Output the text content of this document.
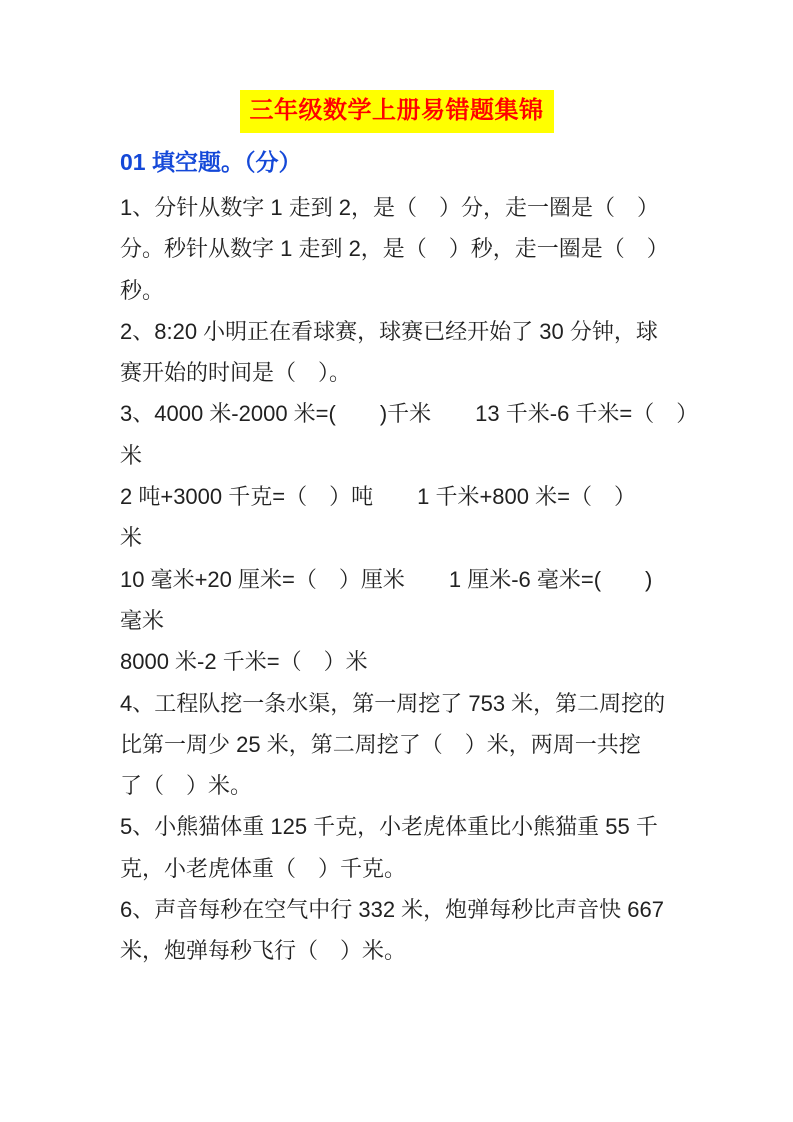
三年级数学上册易错题集锦
01 填空题。（分）
1、分针从数字 1 走到 2，是（　）分，走一圈是（　）
分。秒针从数字 1 走到 2，是（　）秒，走一圈是（　）
秒。
2、8:20 小明正在看球赛，球赛已经开始了 30 分钟，球
赛开始的时间是（　）。
3、4000 米-2000 米=(　　)千米　　13 千米-6 千米=（　）
米
2 吨+3000 千克=（　）吨　　1 千米+800 米=（　）
米
10 毫米+20 厘米=（　）厘米　　1 厘米-6 毫米=(　　)
毫米
8000 米-2 千米=（　）米
4、工程队挖一条水渠，第一周挖了 753 米，第二周挖的
比第一周少 25 米，第二周挖了（　）米，两周一共挖
了（　）米。
5、小熊猫体重 125 千克，小老虎体重比小熊猫重 55 千
克，小老虎体重（　）千克。
6、声音每秒在空气中行 332 米，炮弹每秒比声音快 667
米，炮弹每秒飞行（　）米。
